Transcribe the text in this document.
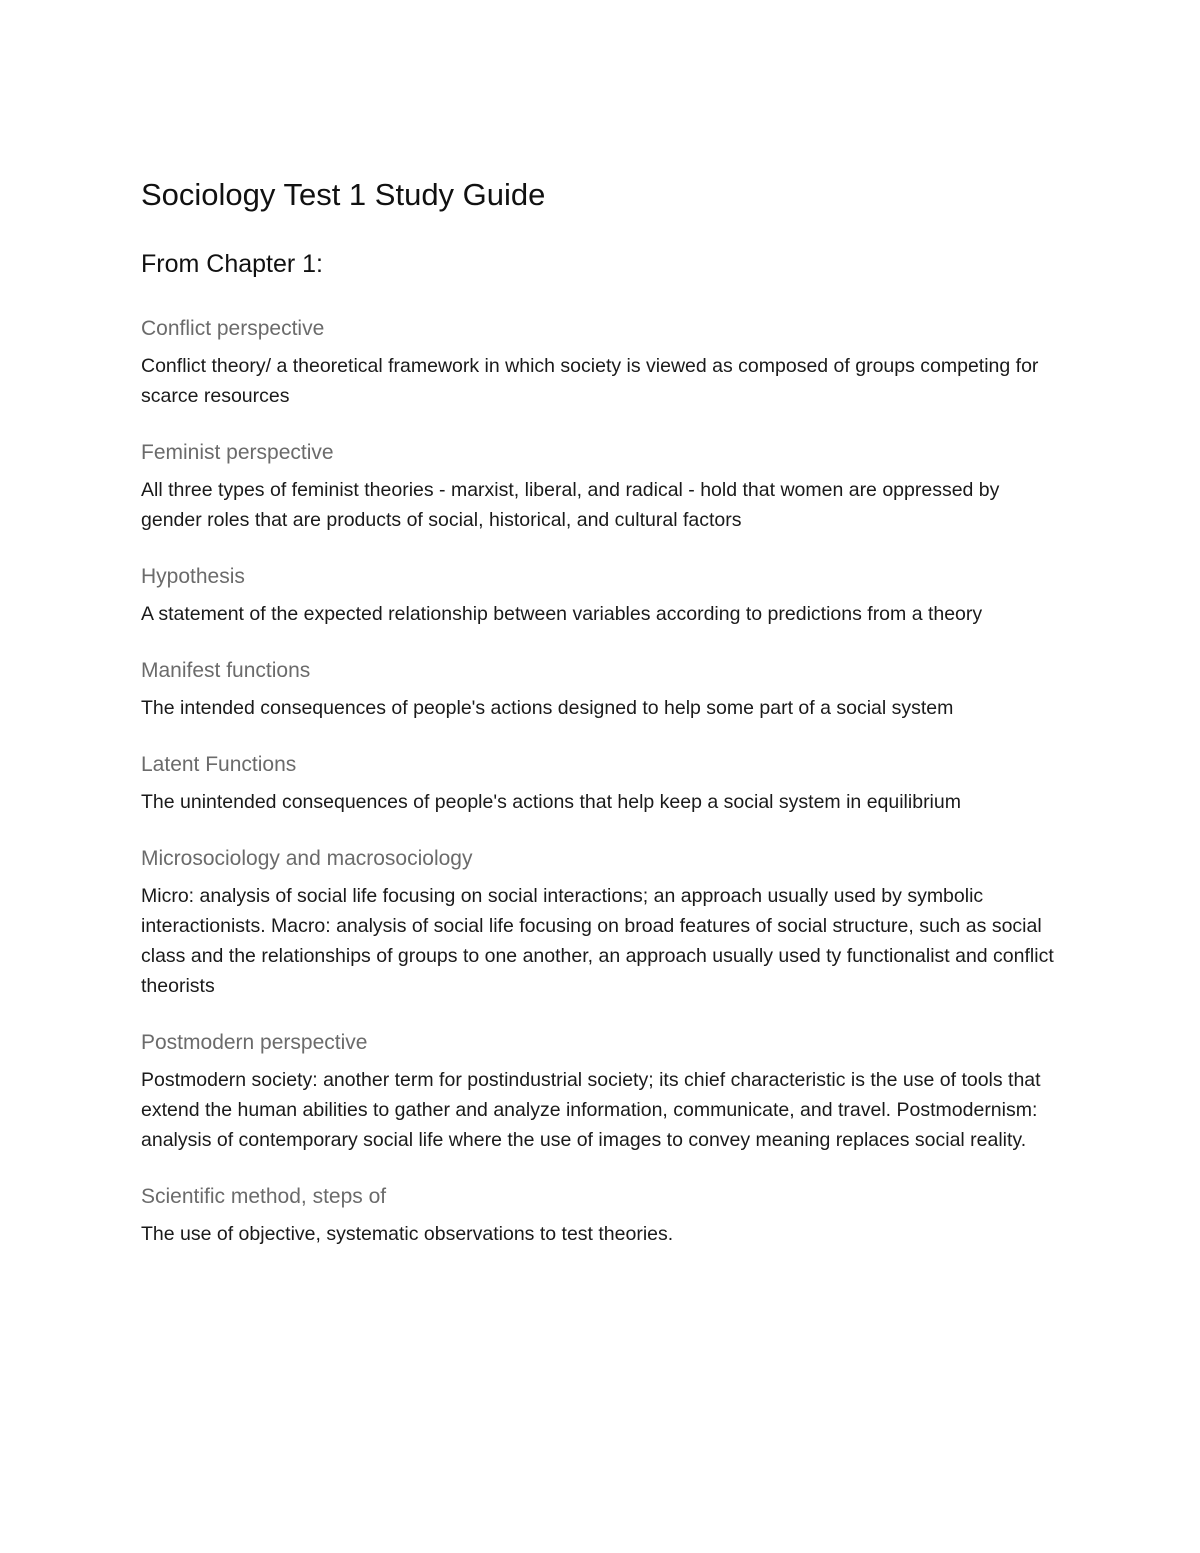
Sociology Test 1 Study Guide
From Chapter 1:
Conflict perspective

Conflict theory/ a theoretical framework in which society is viewed as composed of groups competing for scarce resources

Feminist perspective

All three types of feminist theories - marxist, liberal, and radical - hold that women are oppressed by gender roles that are products of social, historical, and cultural factors

Hypothesis

A statement of the expected relationship between variables according to predictions from a theory

Manifest functions

The intended consequences of people's actions designed to help some part of a social system

Latent Functions

The unintended consequences of people's actions that help keep a social system in equilibrium

Microsociology and macrosociology

Micro: analysis of social life focusing on social interactions; an approach usually used by symbolic interactionists. Macro: analysis of social life focusing on broad features of social structure, such as social class and the relationships of groups to one another, an approach usually used ty functionalist and conflict theorists

Postmodern perspective

Postmodern society: another term for postindustrial society; its chief characteristic is the use of tools that extend the human abilities to gather and analyze information, communicate, and travel. Postmodernism: analysis of contemporary social life where the use of images to convey meaning replaces social reality.

Scientific method, steps of

The use of objective, systematic observations to test theories.
